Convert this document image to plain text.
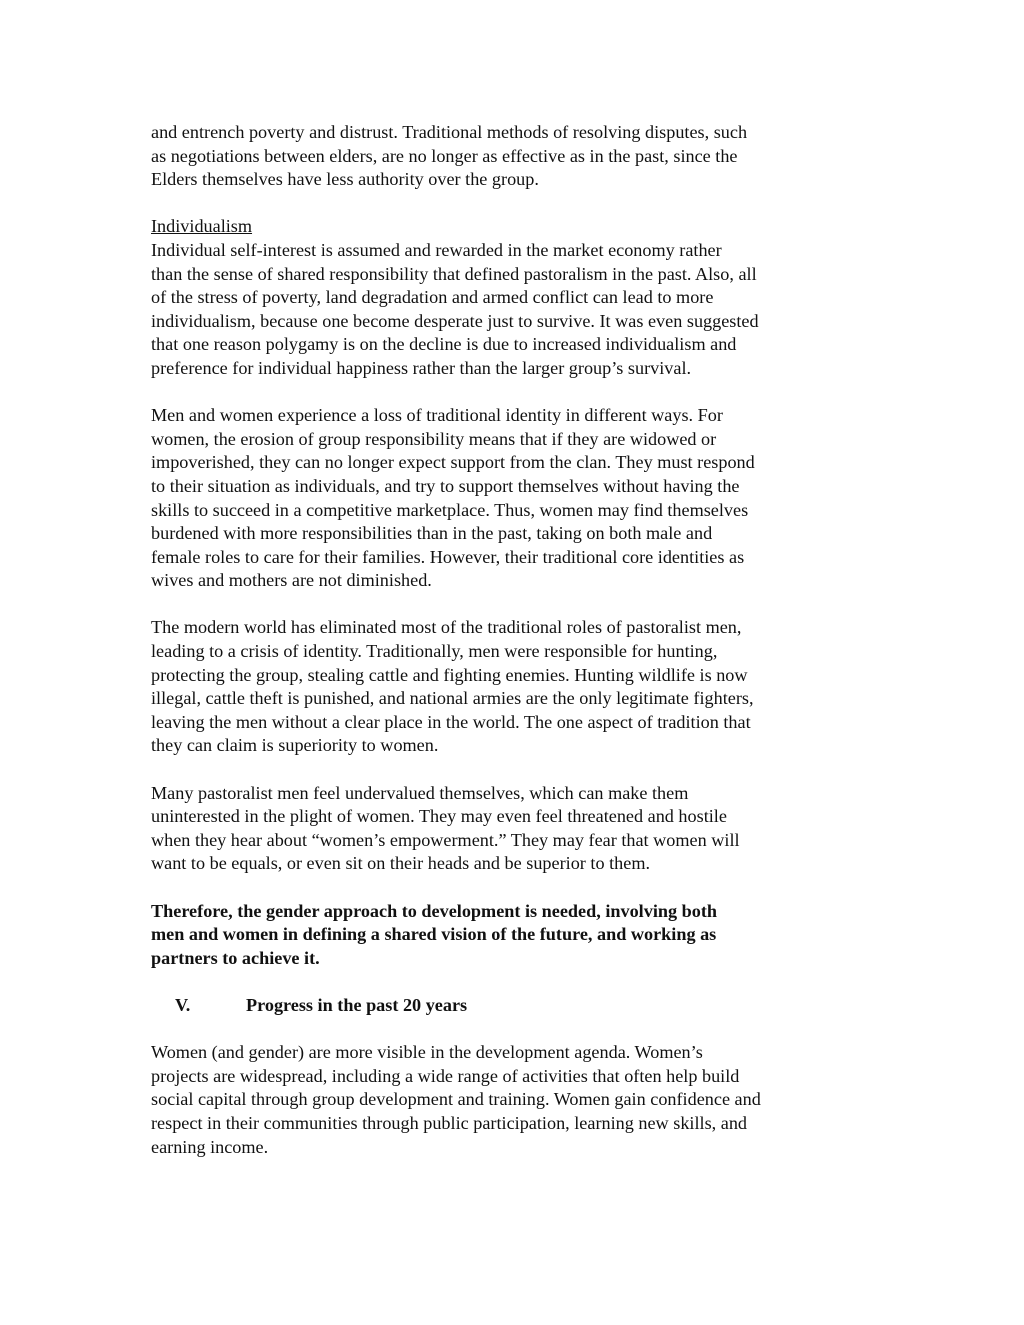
and entrench poverty and distrust. Traditional methods of resolving disputes, such
as negotiations between elders, are no longer as effective as in the past, since the
Elders themselves have less authority over the group.
Individualism
Individual self-interest is assumed and rewarded in the market economy rather
than the sense of shared responsibility that defined pastoralism in the past. Also, all
of the stress of poverty, land degradation and armed conflict can lead to more
individualism, because one become desperate just to survive. It was even suggested
that one reason polygamy is on the decline is due to increased individualism and
preference for individual happiness rather than the larger group’s survival.
Men and women experience a loss of traditional identity in different ways. For
women, the erosion of group responsibility means that if they are widowed or
impoverished, they can no longer expect support from the clan. They must respond
to their situation as individuals, and try to support themselves without having the
skills to succeed in a competitive marketplace. Thus, women may find themselves
burdened with more responsibilities than in the past, taking on both male and
female roles to care for their families. However, their traditional core identities as
wives and mothers are not diminished.
The modern world has eliminated most of the traditional roles of pastoralist men,
leading to a crisis of identity. Traditionally, men were responsible for hunting,
protecting the group, stealing cattle and fighting enemies. Hunting wildlife is now
illegal, cattle theft is punished, and national armies are the only legitimate fighters,
leaving the men without a clear place in the world. The one aspect of tradition that
they can claim is superiority to women.
Many pastoralist men feel undervalued themselves, which can make them
uninterested in the plight of women. They may even feel threatened and hostile
when they hear about “women’s empowerment.” They may fear that women will
want to be equals, or even sit on their heads and be superior to them.
Therefore, the gender approach to development is needed, involving both
men and women in defining a shared vision of the future, and working as
partners to achieve it.
V.	Progress in the past 20 years
Women (and gender) are more visible in the development agenda. Women’s
projects are widespread, including a wide range of activities that often help build
social capital through group development and training. Women gain confidence and
respect in their communities through public participation, learning new skills, and
earning income.
